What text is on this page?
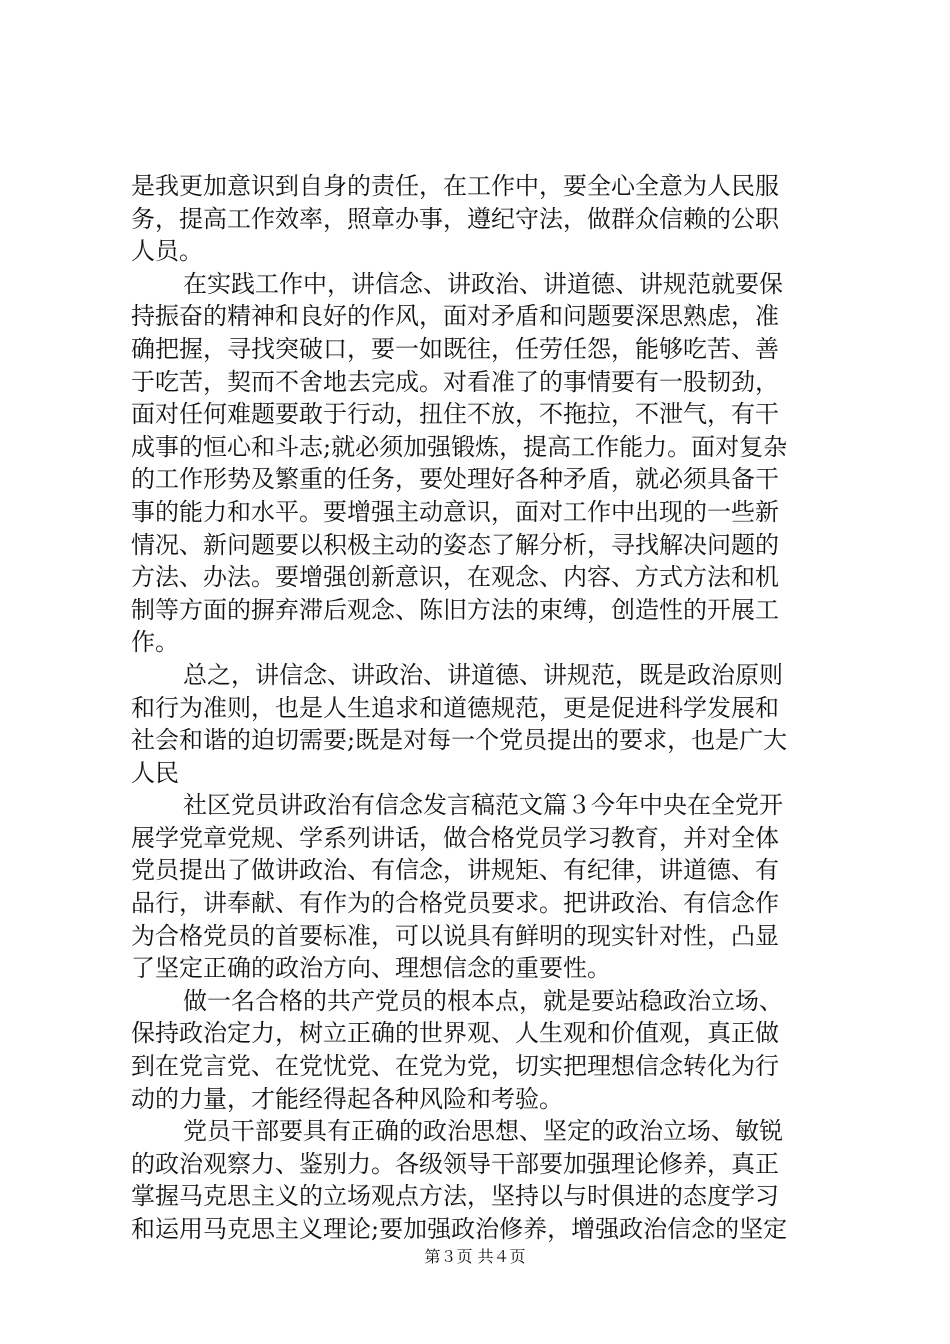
是我更加意识到自身的责任，在工作中，要全心全意为人民服
务，提高工作效率，照章办事，遵纪守法，做群众信赖的公职
人员。
在实践工作中，讲信念、讲政治、讲道德、讲规范就要保
持振奋的精神和良好的作风，面对矛盾和问题要深思熟虑，准
确把握，寻找突破口，要一如既往，任劳任怨，能够吃苦、善
于吃苦，契而不舍地去完成。对看准了的事情要有一股韧劲，
面对任何难题要敢于行动，扭住不放，不拖拉，不泄气，有干
成事的恒心和斗志;就必须加强锻炼，提高工作能力。面对复杂
的工作形势及繁重的任务，要处理好各种矛盾，就必须具备干
事的能力和水平。要增强主动意识，面对工作中出现的一些新
情况、新问题要以积极主动的姿态了解分析，寻找解决问题的
方法、办法。要增强创新意识，在观念、内容、方式方法和机
制等方面的摒弃滞后观念、陈旧方法的束缚，创造性的开展工
作。
总之，讲信念、讲政治、讲道德、讲规范，既是政治原则
和行为准则，也是人生追求和道德规范，更是促进科学发展和
社会和谐的迫切需要;既是对每一个党员提出的要求，也是广大
人民
社区党员讲政治有信念发言稿范文篇３今年中央在全党开
展学党章党规、学系列讲话，做合格党员学习教育，并对全体
党员提出了做讲政治、有信念，讲规矩、有纪律，讲道德、有
品行，讲奉献、有作为的合格党员要求。把讲政治、有信念作
为合格党员的首要标准，可以说具有鲜明的现实针对性，凸显
了坚定正确的政治方向、理想信念的重要性。
做一名合格的共产党员的根本点，就是要站稳政治立场、
保持政治定力，树立正确的世界观、人生观和价值观，真正做
到在党言党、在党忧党、在党为党，切实把理想信念转化为行
动的力量，才能经得起各种风险和考验。
党员干部要具有正确的政治思想、坚定的政治立场、敏锐
的政治观察力、鉴别力。各级领导干部要加强理论修养，真正
掌握马克思主义的立场观点方法，坚持以与时俱进的态度学习
和运用马克思主义理论;要加强政治修养，增强政治信念的坚定
第３页 共４页
